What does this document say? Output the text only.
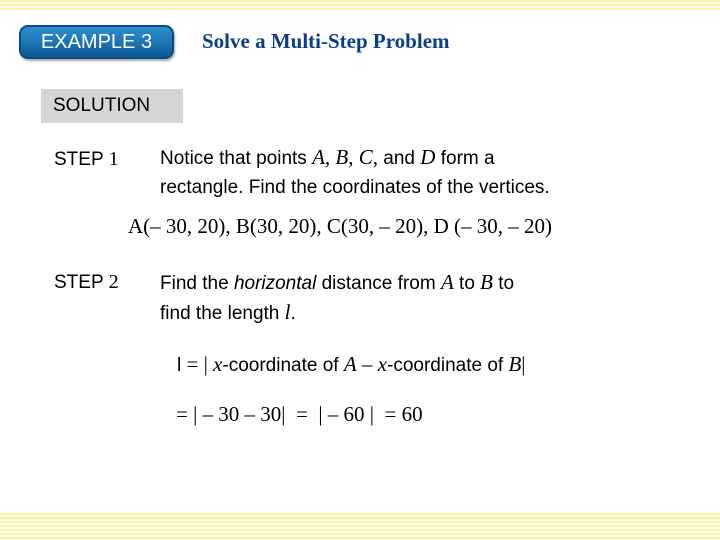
EXAMPLE 3	Solve a Multi-Step Problem
SOLUTION
STEP 1 Notice that points A, B, C, and D form a
rectangle. Find the coordinates of the vertices.
A(– 30, 20), B(30, 20), C(30, – 20), D (– 30, – 20)
STEP 2 Find the horizontal distance from A to B to
find the length l.
l = | x-coordinate of A – x-coordinate of B|
= | – 30 – 30|  =  | – 60 |  = 60
